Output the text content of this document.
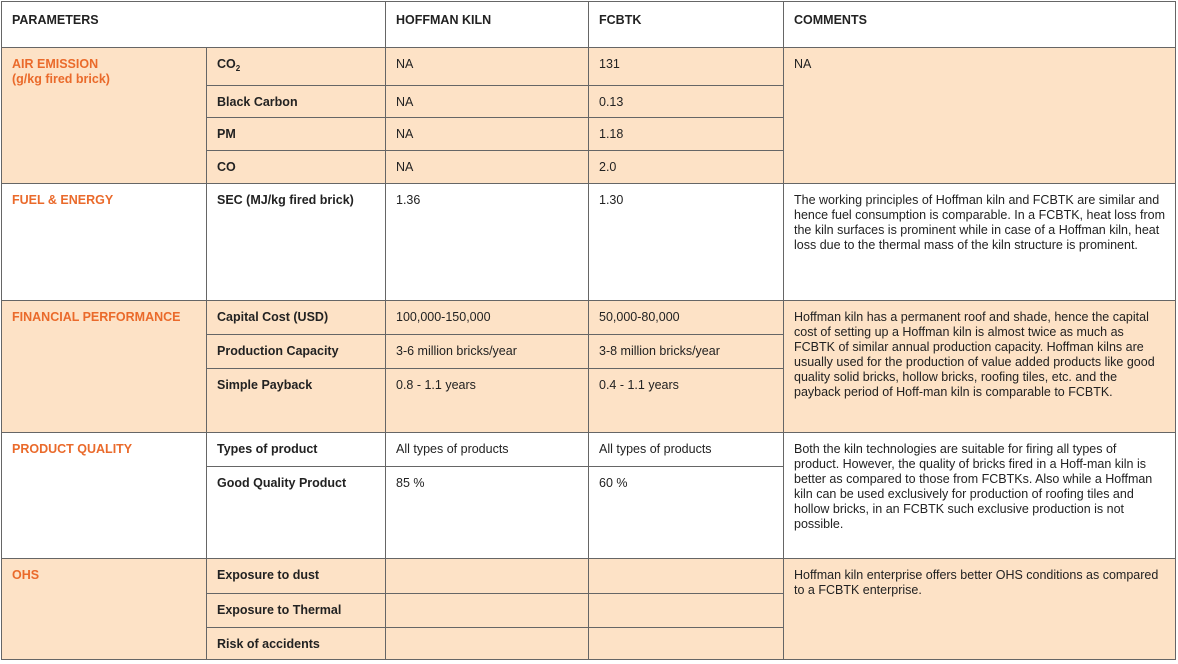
PARAMETERS		HOFFMAN KILN	FCBTK	COMMENTS

AIR EMISSION
(g/kg fired brick)	$CO_2$	NA	131	NA
	Black Carbon	NA	0.13	
	PM	NA	1.18	
	CO	NA	2.0	
FUEL & ENERGY	SEC (MJ/kg fired brick)	1.36	1.30	The working principles of Hoffman kiln and FCBTK are similar and hence fuel consumption is comparable. In a FCBTK, heat loss from the kiln surfaces is prominent while in case of a Hoffman kiln, heat loss due to the thermal mass of the kiln structure is prominent.
FINANCIAL PERFORMANCE	Capital Cost (USD)	100,000-150,000	50,000-80,000	Hoffman kiln has a permanent roof and shade, hence the capital cost of setting up a Hoffman kiln is almost twice as much as FCBTK of similar annual production capacity. Hoffman kilns are usually used for the production of value added products like good quality solid bricks, hollow bricks, roofing tiles, etc. and the payback period of Hoff-man kiln is comparable to FCBTK.
	Production Capacity	3-6 million bricks/year	3-8 million bricks/year	
	Simple Payback	0.8 - 1.1 years	0.4 - 1.1 years	
PRODUCT QUALITY	Types of product	All types of products	All types of products	Both the kiln technologies are suitable for firing all types of product. However, the quality of bricks fired in a Hoff-man kiln is better as compared to those from FCBTKs. Also while a Hoffman kiln can be used exclusively for production of roofing tiles and hollow bricks, in an FCBTK such exclusive production is not possible.
	Good Quality Product	85 %	60 %	
OHS	Exposure to dust			Hoffman kiln enterprise offers better OHS conditions as compared to a FCBTK enterprise.
	Exposure to Thermal			
	Risk of accidents			
